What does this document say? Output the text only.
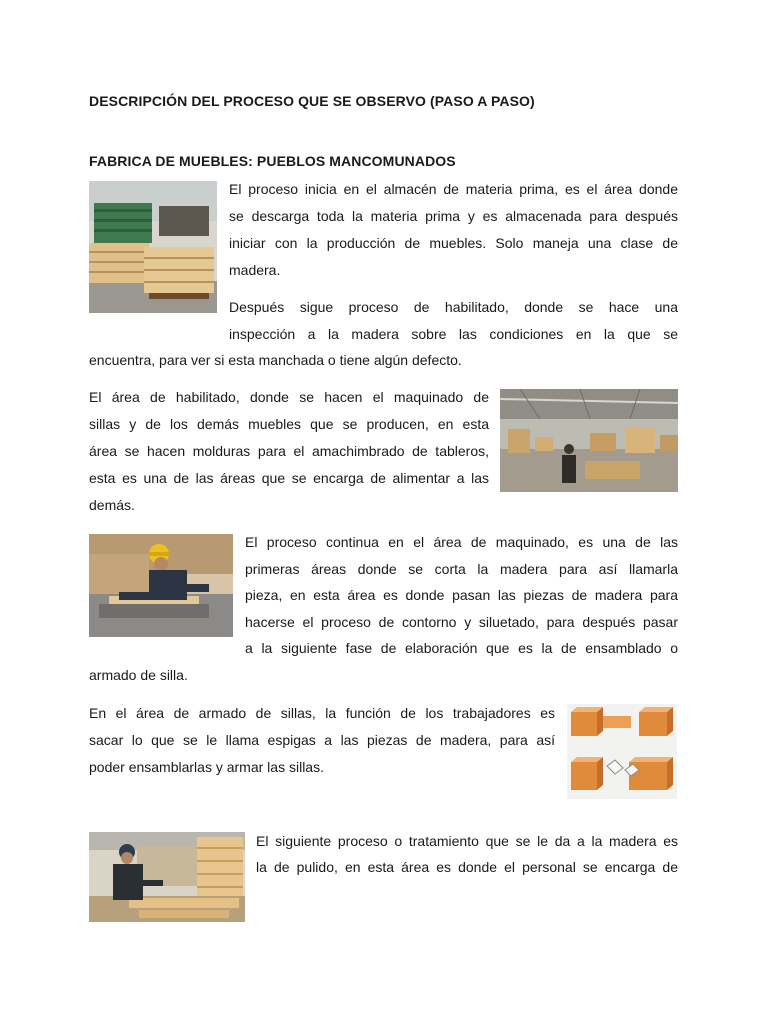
DESCRIPCIÓN DEL PROCESO QUE SE OBSERVO (PASO A PASO)
FABRICA DE MUEBLES: PUEBLOS MANCOMUNADOS
El proceso inicia en el almacén de materia prima, es el área donde
se descarga toda la materia prima y es almacenada para después
iniciar con la producción de muebles. Solo maneja una clase de
madera.
Después sigue proceso de habilitado, donde se hace una
inspección a la madera sobre las condiciones en la que se
encuentra, para ver si esta manchada o tiene algún defecto.
El área de habilitado, donde se hacen el maquinado de
sillas y de los demás muebles que se producen, en esta
área se hacen molduras para el amachimbrado de tableros,
esta es una de las áreas que se encarga de alimentar a las
demás.
El proceso continua en el área de maquinado, es una de las
primeras áreas donde se corta la madera para así llamarla
pieza, en esta área es donde pasan las piezas de madera para
hacerse el proceso de contorno y siluetado, para después pasar
a la siguiente fase de elaboración que es la de ensamblado o
armado de silla.
En el área de armado de sillas, la función de los trabajadores es
sacar lo que se le llama espigas a las piezas de madera, para así
poder ensamblarlas y armar las sillas.
El siguiente proceso o tratamiento que se le da a la madera es
la de pulido, en esta área es donde el personal se encarga de
